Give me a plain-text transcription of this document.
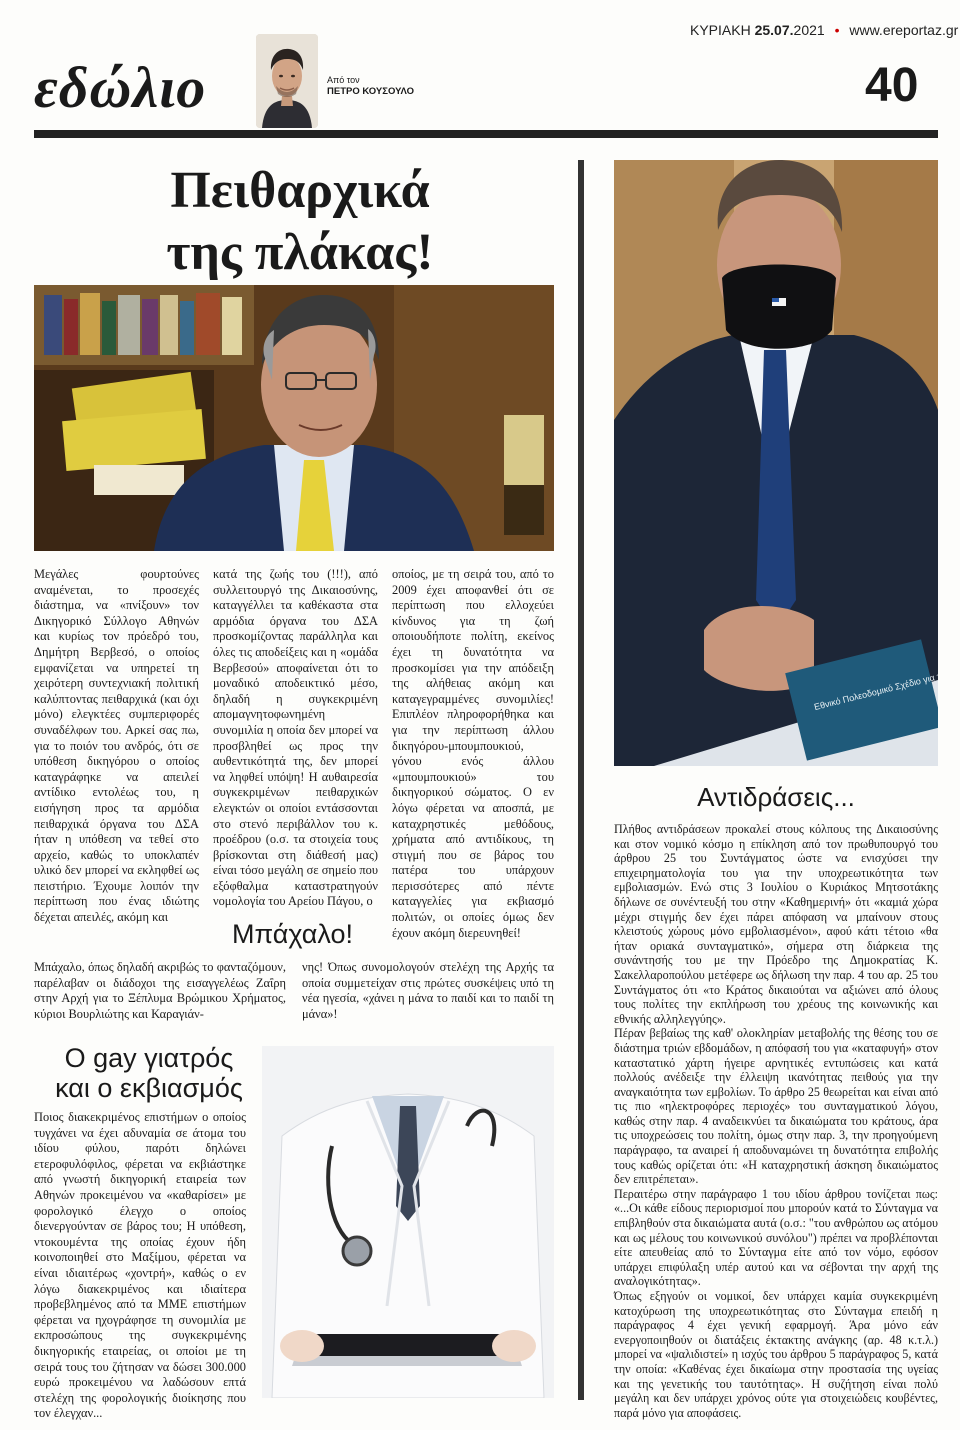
ΚΥΡΙΑΚΗ 25.07.2021 • www.ereportaz.gr
εδώλιο	Από τον
ΠΕΤΡΟ ΚΟΥΣΟΥΛΟ	40
Πειθαρχικά
της πλάκας!
Μεγάλες φουρτούνες αναμένεται, το προσεχές διάστημα, να «πνίξουν» τον Δικηγορικό Σύλλογο Αθηνών και κυρίως τον πρόεδρό του, Δημήτρη Βερβεσό, ο οποίος εμφανίζεται να υπηρετεί τη χειρότερη συντεχνιακή πολιτική καλύπτοντας πειθαρχικά (και όχι μόνο) ελεγκτέες συμπεριφορές συναδέλφων του. Αρκεί σας πω, για το ποιόν του ανδρός, ότι σε υπόθεση δικηγόρου ο οποίος καταγράφηκε να απειλεί αντίδικο εντολέως του, η εισήγηση προς τα αρμόδια πειθαρχικά όργανα του ΔΣΑ ήταν η υπόθεση να τεθεί στο αρχείο, καθώς το υποκλαπέν υλικό δεν μπορεί να εκληφθεί ως πειστήριο. Έχουμε λοιπόν την περίπτωση που ένας ιδιώτης δέχεται απειλές, ακόμη και
κατά της ζωής του (!!!), από συλλειτουργό της Δικαιοσύνης, καταγγέλλει τα καθέκαστα στα αρμόδια όργανα του ΔΣΑ προσκομίζοντας παράλληλα και όλες τις αποδείξεις και η «ομάδα Βερβεσού» αποφαίνεται ότι το μοναδικό αποδεικτικό μέσο, δηλαδή η συγκεκριμένη απομαγνητοφωνημένη συνομιλία η οποία δεν μπορεί να προσβληθεί ως προς την αυθεντικότητά της, δεν μπορεί να ληφθεί υπόψη! Η αυθαιρεσία συγκεκριμένων πειθαρχικών ελεγκτών οι οποίοι εντάσσονται στο στενό περιβάλλον του κ. προέδρου (ο.σ. τα στοιχεία τους βρίσκονται στη διάθεσή μας) είναι τόσο μεγάλη σε σημείο που εξόφθαλμα καταστρατηγούν νομολογία του Αρείου Πάγου, ο
οποίος, με τη σειρά του, από το 2009 έχει αποφανθεί ότι σε περίπτωση που ελλοχεύει κίνδυνος για τη ζωή οποιουδήποτε πολίτη, εκείνος έχει τη δυνατότητα να προσκομίσει για την απόδειξη της αλήθειας ακόμη και καταγεγραμμένες συνομιλίες! Επιπλέον πληροφορήθηκα και για την περίπτωση άλλου δικηγόρου-μπουμπουκιού, γόνου ενός άλλου «μπουμπουκιού» του δικηγορικού σώματος. Ο εν λόγω φέρεται να αποσπά, με καταχρηστικές μεθόδους, χρήματα από αντιδίκους, τη στιγμή που σε βάρος του πατέρα του υπάρχουν περισσότερες από πέντε καταγγελίες για εκβιασμό πολιτών, οι οποίες όμως δεν έχουν ακόμη διερευνηθεί!
Μπάχαλο!
Μπάχαλο, όπως δηλαδή ακριβώς το φανταζόμουν, παρέλαβαν οι διάδοχοι της εισαγγελέως Ζαΐρη στην Αρχή για το Ξέπλυμα Βρώμικου Χρήματος, κύριοι Βουρλιώτης και Καραγιάν-
νης! Όπως συνομολογούν στελέχη της Αρχής τα οποία συμμετείχαν στις πρώτες συσκέψεις υπό τη νέα ηγεσία, «χάνει η μάνα το παιδί και το παιδί τη μάνα»!
Ο gay γιατρός
και ο εκβιασμός
Ποιος διακεκριμένος επιστήμων ο οποίος τυγχάνει να έχει αδυναμία σε άτομα του ιδίου φύλου, παρότι δηλώνει ετεροφυλόφιλος, φέρεται να εκβιάστηκε από γνωστή δικηγορική εταιρεία των Αθηνών προκειμένου να «καθαρίσει» με φορολογικό έλεγχο ο οποίος διενεργούνταν σε βάρος του; Η υπόθεση, ντοκουμέντα της οποίας έχουν ήδη κοινοποιηθεί στο Μαξίμου, φέρεται να είναι ιδιαιτέρως «χοντρή», καθώς ο εν λόγω διακεκριμένος και ιδιαίτερα προβεβλημένος από τα ΜΜΕ επιστήμων φέρεται να ηχογράφησε τη συνομιλία με εκπροσώπους της συγκεκριμένης δικηγορικής εταιρείας, οι οποίοι με τη σειρά τους του ζήτησαν να δώσει 300.000 ευρώ προκειμένου να λαδώσουν επτά στελέχη της φορολογικής διοίκησης που τον έλεγχαν...
Αντιδράσεις...

Πλήθος αντιδράσεων προκαλεί στους κόλπους της Δικαιοσύνης και στον νομικό κόσμο η επίκληση από τον πρωθυπουργό του άρθρου 25 του Συντάγματος ώστε να ενισχύσει την επιχειρηματολογία του για την υποχρεωτικότητα των εμβολιασμών. Ενώ στις 3 Ιουλίου ο Κυριάκος Μητσοτάκης δήλωνε σε συνέντευξή του στην «Καθημερινή» ότι «καμιά χώρα μέχρι στιγμής δεν έχει πάρει απόφαση να μπαίνουν στους κλειστούς χώρους μόνο εμβολιασμένοι», αφού κάτι τέτοιο «θα ήταν οριακά συνταγματικό», σήμερα στη διάρκεια της συνάντησής του με την Πρόεδρο της Δημοκρατίας Κ. Σακελλαροπούλου μετέφερε ως δήλωση την παρ. 4 του αρ. 25 του Συντάγματος ότι «το Κράτος δικαιούται να αξιώνει από όλους τους πολίτες την εκπλήρωση του χρέους της κοινωνικής και εθνικής αλληλεγγύης».

Πέραν βεβαίως της καθ' ολοκληρίαν μεταβολής της θέσης του σε διάστημα τριών εβδομάδων, η απόφασή του για «καταφυγή» στον καταστατικό χάρτη ήγειρε αρνητικές εντυπώσεις και κατά πολλούς ανέδειξε την έλλειψη ικανότητας πειθούς για την αναγκαιότητα των εμβολίων. Το άρθρο 25 θεωρείται και είναι από τις πιο «ηλεκτροφόρες περιοχές» του συνταγματικού λόγου, καθώς στην παρ. 4 αναδεικνύει τα δικαιώματα του κράτους, άρα τις υποχρεώσεις του πολίτη, όμως στην παρ. 3, την προηγούμενη παράγραφο, τα αναιρεί ή αποδυναμώνει τη δυνατότητα επιβολής τους καθώς ορίζεται ότι: «Η καταχρηστική άσκηση δικαιώματος δεν επιτρέπεται».

Περαιτέρω στην παράγραφο 1 του ιδίου άρθρου τονίζεται πως: «...Οι κάθε είδους περιορισμοί που μπορούν κατά το Σύνταγμα να επιβληθούν στα δικαιώματα αυτά (ο.σ.: "του ανθρώπου ως ατόμου και ως μέλους του κοινωνικού συνόλου") πρέπει να προβλέπονται είτε απευθείας από το Σύνταγμα είτε από τον νόμο, εφόσον υπάρχει επιφύλαξη υπέρ αυτού και να σέβονται την αρχή της αναλογικότητας».

Όπως εξηγούν οι νομικοί, δεν υπάρχει καμία συγκεκριμένη κατοχύρωση της υποχρεωτικότητας στο Σύνταγμα επειδή η παράγραφος 4 έχει γενική εφαρμογή. Άρα μόνο εάν ενεργοποιηθούν οι διατάξεις έκτακτης ανάγκης (αρ. 48 κ.τ.λ.) μπορεί να «ψαλιδιστεί» η ισχύς του άρθρου 5 παράγραφος 5, κατά την οποία: «Καθένας έχει δικαίωμα στην προστασία της υγείας και της γενετικής του ταυτότητας». Η συζήτηση είναι πολύ μεγάλη και δεν υπάρχει χρόνος ούτε για στοιχειώδεις κουβέντες, παρά μόνο για αποφάσεις.
